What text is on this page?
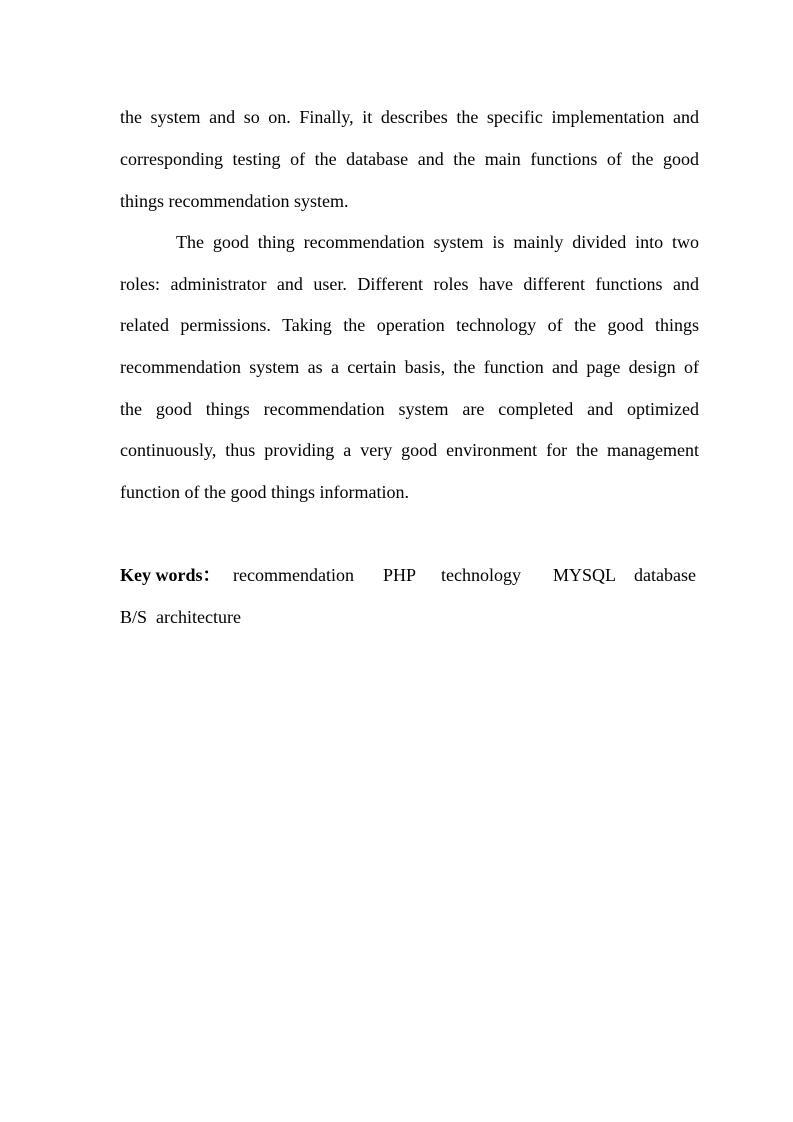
the system and so on. Finally, it describes the specific implementation and
corresponding testing of the database and the main functions of the good
things recommendation system.
The good thing recommendation system is mainly divided into two
roles: administrator and user. Different roles have different functions and
related permissions. Taking the operation technology of the good things
recommendation system as a certain basis, the function and page design of
the good things recommendation system are completed and optimized
continuously, thus providing a very good environment for the management
function of the good things information.
Key words： recommendation PHP technology MYSQL database
B/S architecture
